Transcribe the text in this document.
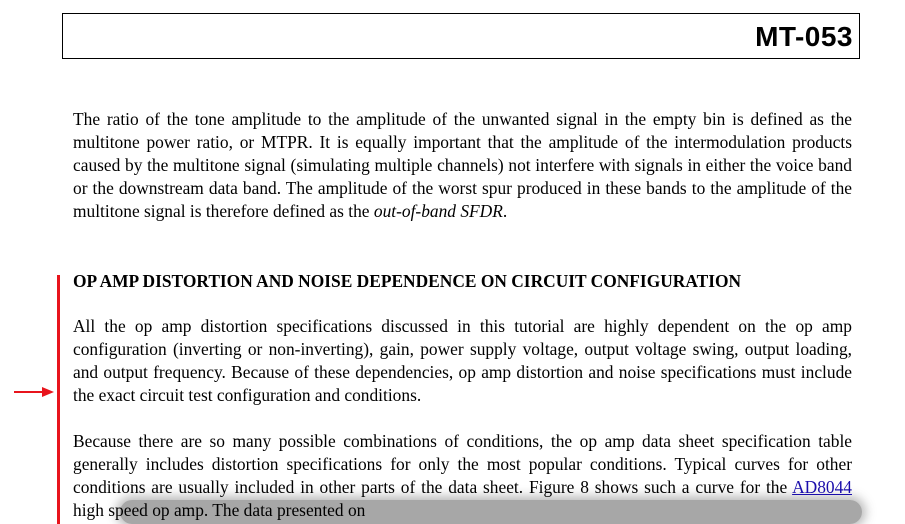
MT-053

The ratio of the tone amplitude to the amplitude of the unwanted signal in the empty bin is defined as the multitone power ratio, or MTPR. It is equally important that the amplitude of the intermodulation products caused by the multitone signal (simulating multiple channels) not interfere with signals in either the voice band or the downstream data band. The amplitude of the worst spur produced in these bands to the amplitude of the multitone signal is therefore defined as the out-of-band SFDR.

OP AMP DISTORTION AND NOISE DEPENDENCE ON CIRCUIT CONFIGURATION

All the op amp distortion specifications discussed in this tutorial are highly dependent on the op amp configuration (inverting or non-inverting), gain, power supply voltage, output voltage swing, output loading, and output frequency. Because of these dependencies, op amp distortion and noise specifications must include the exact circuit test configuration and conditions.

Because there are so many possible combinations of conditions, the op amp data sheet specification table generally includes distortion specifications for only the most popular conditions. Typical curves for other conditions are usually included in other parts of the data sheet. Figure 8 shows such a curve for the AD8044 high speed op amp. The data presented on
